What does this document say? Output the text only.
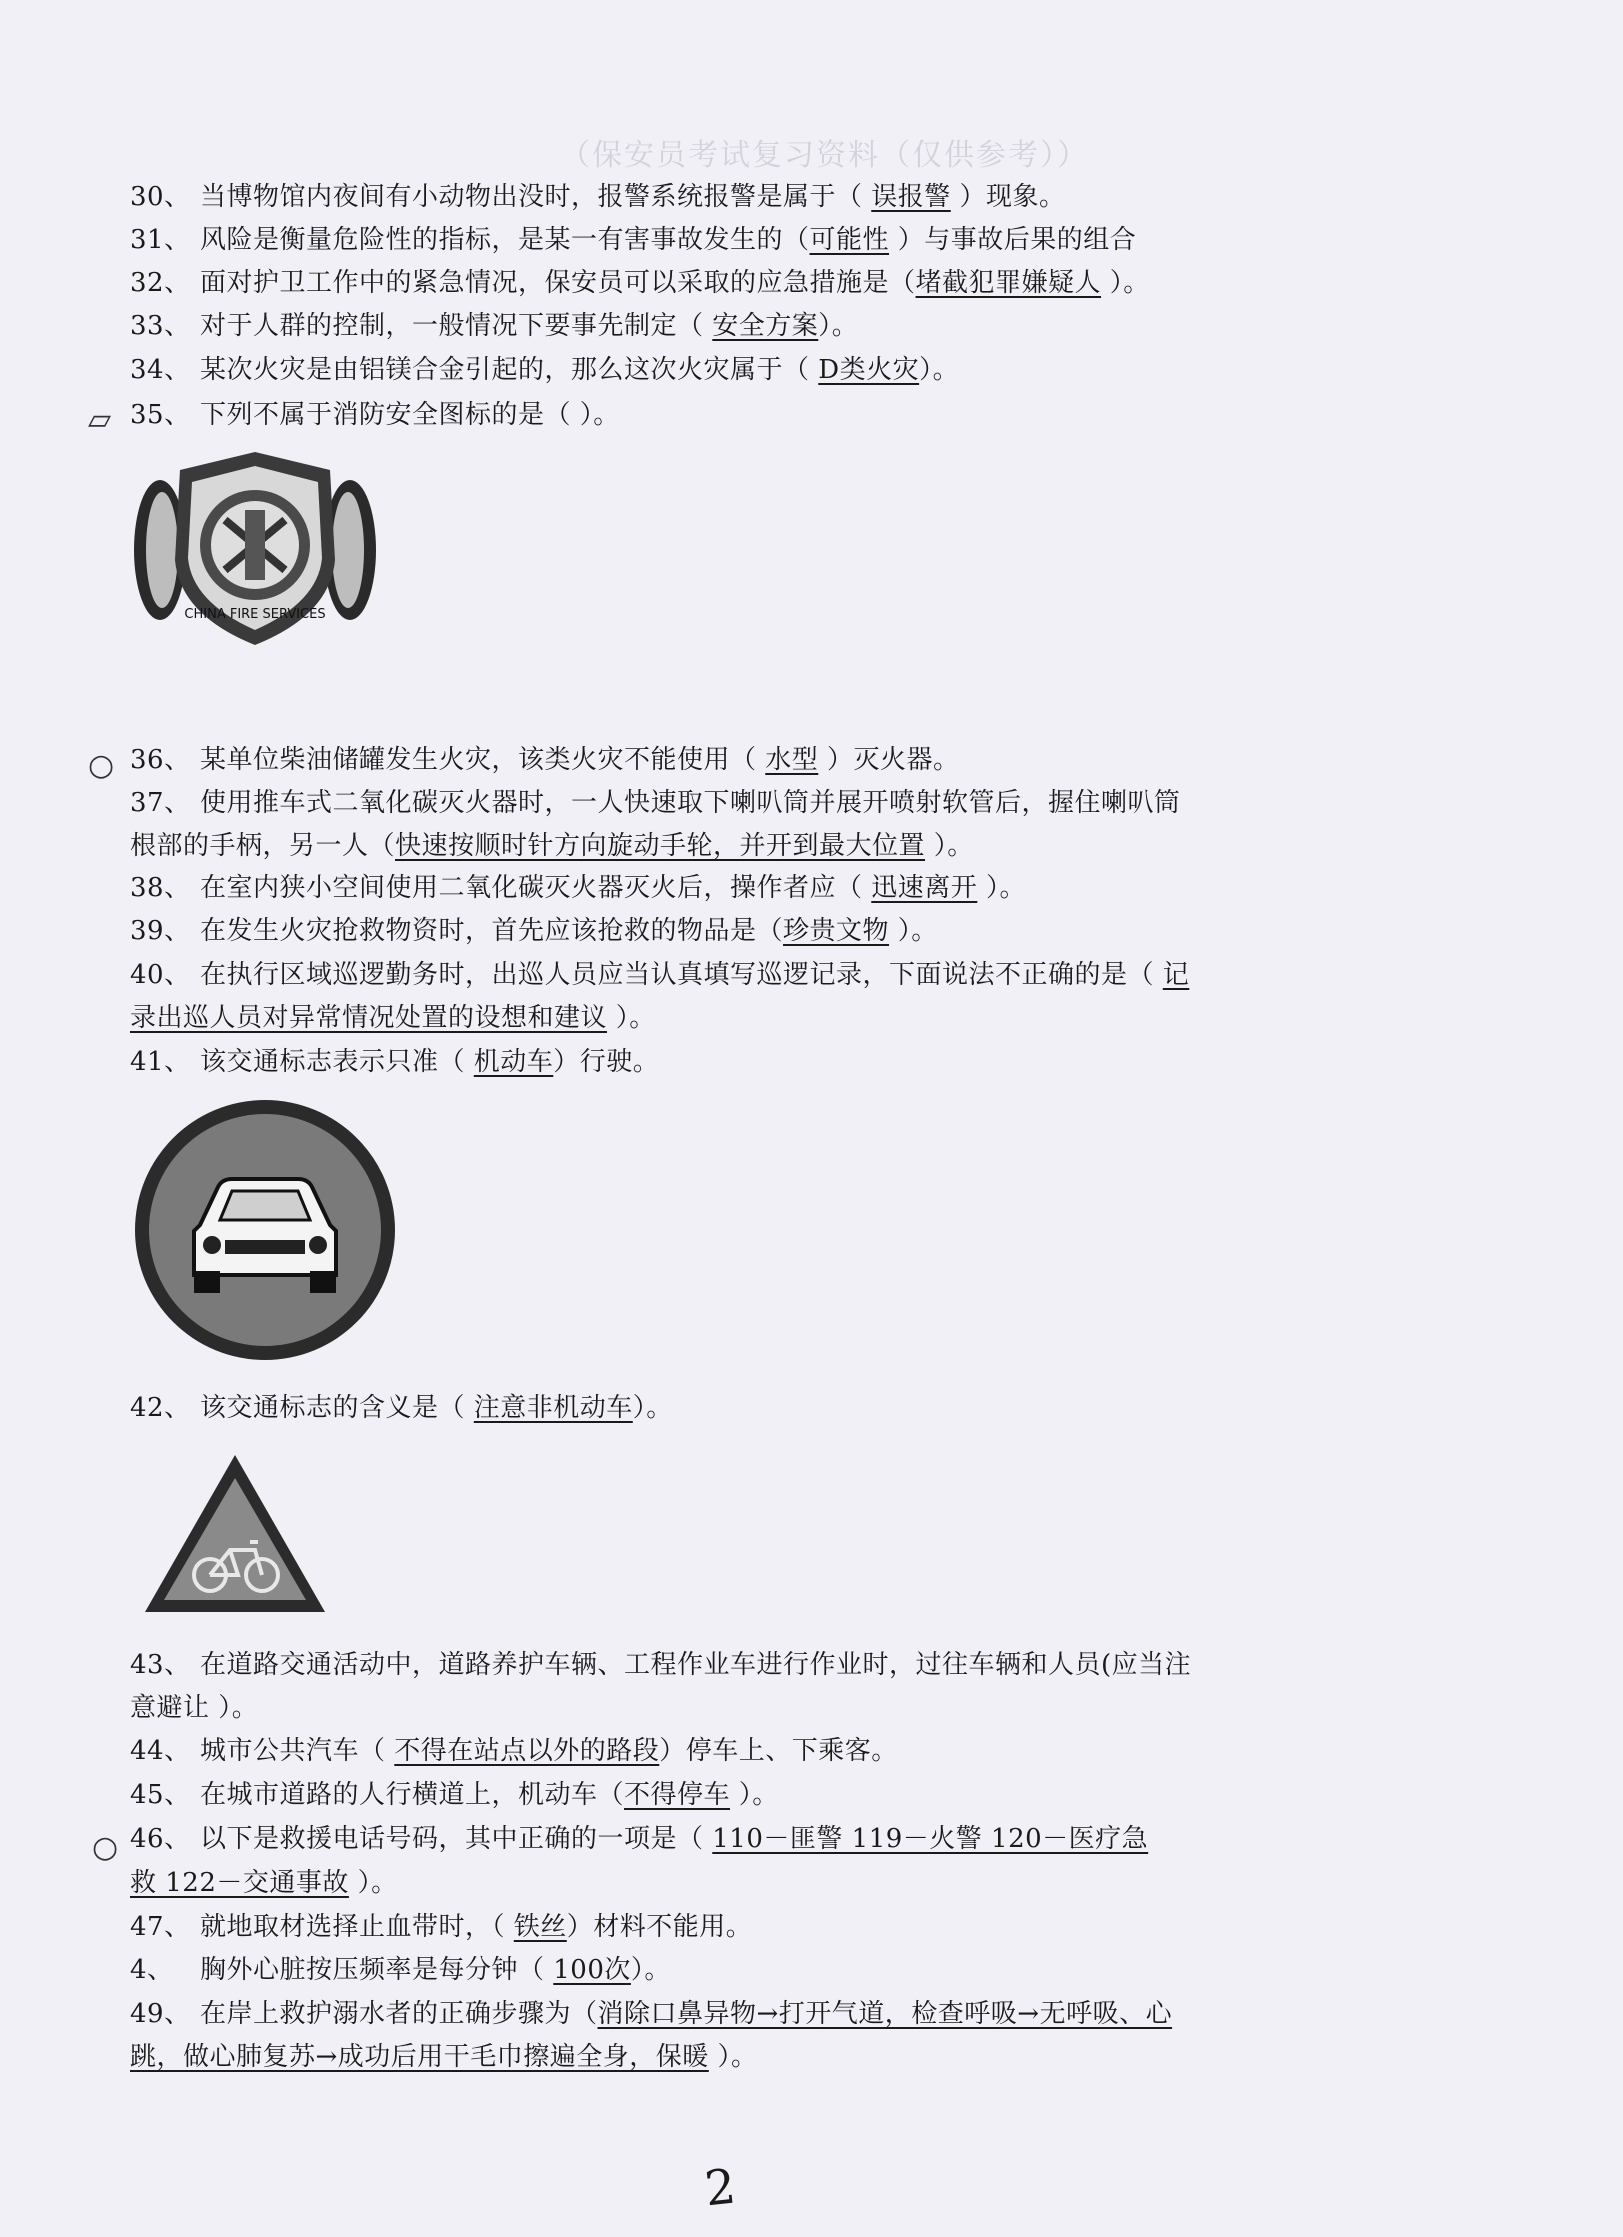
（保安员考试复习资料（仅供参考））
▱
○
○
30、 当博物馆内夜间有小动物出没时，报警系统报警是属于（ 误报警 ）现象。
31、 风险是衡量危险性的指标，是某一有害事故发生的（可能性 ）与事故后果的组合
32、 面对护卫工作中的紧急情况，保安员可以采取的应急措施是（堵截犯罪嫌疑人 ）。
33、 对于人群的控制，一般情况下要事先制定（ 安全方案）。
34、 某次火灾是由铝镁合金引起的，那么这次火灾属于（ D类火灾）。
35、 下列不属于消防安全图标的是（ ）。
CHINA FIRE SERVICES
36、 某单位柴油储罐发生火灾，该类火灾不能使用（ 水型 ）灭火器。
37、 使用推车式二氧化碳灭火器时，一人快速取下喇叭筒并展开喷射软管后，握住喇叭筒
根部的手柄，另一人（快速按顺时针方向旋动手轮，并开到最大位置 ）。
38、 在室内狭小空间使用二氧化碳灭火器灭火后，操作者应（ 迅速离开 ）。
39、 在发生火灾抢救物资时，首先应该抢救的物品是（珍贵文物 ）。
40、 在执行区域巡逻勤务时，出巡人员应当认真填写巡逻记录，下面说法不正确的是（ 记
录出巡人员对异常情况处置的设想和建议 ）。
41、 该交通标志表示只准（ 机动车）行驶。
42、 该交通标志的含义是（ 注意非机动车）。
43、 在道路交通活动中，道路养护车辆、工程作业车进行作业时，过往车辆和人员(应当注
意避让 ）。
44、 城市公共汽车（ 不得在站点以外的路段）停车上、下乘客。
45、 在城市道路的人行横道上，机动车（不得停车 ）。
46、 以下是救援电话号码，其中正确的一项是（ 110－匪警 119－火警 120－医疗急
救 122－交通事故 ）。
47、 就地取材选择止血带时，（ 铁丝）材料不能用。
4、 胸外心脏按压频率是每分钟（ 100次）。
49、 在岸上救护溺水者的正确步骤为（消除口鼻异物→打开气道，检查呼吸→无呼吸、心
跳，做心肺复苏→成功后用干毛巾擦遍全身，保暖 ）。
2
